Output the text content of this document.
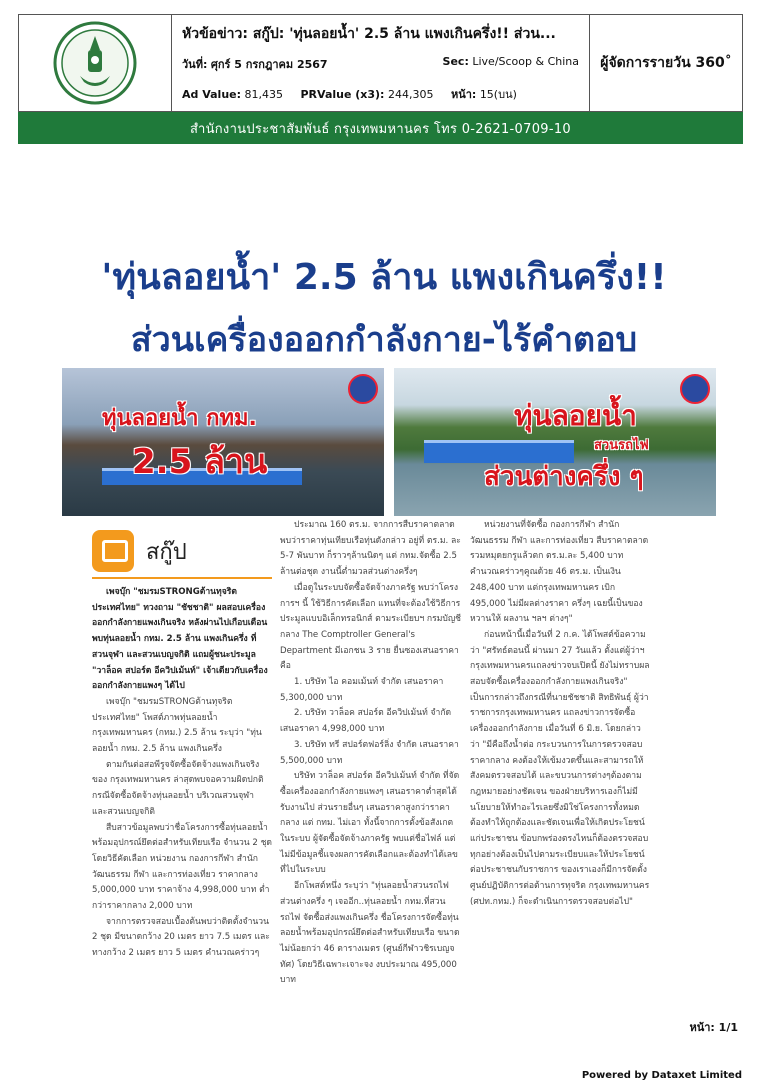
หัวข้อข่าว: สกู๊ป: 'ทุ่นลอยน้ำ' 2.5 ล้าน แพงเกินครึ่ง!! ส่วน...
วันที่: ศุกร์ 5 กรกฎาคม 2567	Sec: Live/Scoop & China
Ad Value: 81,435 PRValue (x3): 244,305 หน้า: 15(บน)
ผู้จัดการรายวัน 360˚
สำนักงานประชาสัมพันธ์ กรุงเทพมหานคร โทร 0-2621-0709-10
'ทุ่นลอยน้ำ' 2.5 ล้าน แพงเกินครึ่ง!!
ส่วนเครื่องออกกำลังกาย-ไร้คำตอบ
ทุ่นลอยน้ำ กทม.
2.5 ล้าน
ทุ่นลอยน้ำ
สวนรถไฟ
ส่วนต่างครึ่ง ๆ
สกู๊ป

เพจบุ๊ก "ชมรมSTRONGต้านทุจริตประเทศไทย" ทวงถาม "ชัชชาติ" ผลสอบเครื่องออกกำลังกายแพงเกินจริง หลังผ่านไปเกือบเดือน พบทุ่นลอยน้ำ กทม. 2.5 ล้าน แพงเกินครึ่ง ที่สวนจุฬา และสวนเบญจกิติ แถมผู้ชนะประมูล "วาล็อค สปอร์ต อีควิปเม้นท์" เจ้าเดียวกับเครื่องออกกำลังกายแพงๆ ได้ไป

เพจบุ๊ก "ชมรมSTRONGต้านทุจริตประเทศไทย" โพสต์ภาพทุ่นลอยน้ำกรุงเทพมหานคร (กทม.) 2.5 ล้าน ระบุว่า "ทุ่นลอยน้ำ กทม. 2.5 ล้าน แพงเกินครึ่ง

ตามกันต่อสอพีรูจจัดซื้อจัดจ้างแพงเกินจริง ของ กรุงเทพมหานคร ล่าสุดพบจอความผิดปกติกรณีจัดซื้อจัดจ้างทุ่นลอยน้ำ บริเวณสวนจุฬา และสวนเบญจกิติ

สืบสาวข้อมูลพบว่าชื่อโครงการซื้อทุ่นลอยน้ำพร้อมอุปกรณ์ยึดต่อสำหรับเทียบเรือ จำนวน 2 ชุด โดยวิธีคัดเลือก หน่วยงาน กองการกีฬา สำนักวัฒนธรรม กีฬา และการท่องเที่ยว ราคากลาง 5,000,000 บาท ราคาจ้าง 4,998,000 บาท ต่ำกว่าราคากลาง 2,000 บาท

จากการตรวจสอบเบื้องต้นพบว่าติดตั้งจำนวน 2 ชุด มีขนาดกว้าง 20 เมตร ยาว 7.5 เมตร และทางกว้าง 2 เมตร ยาว 5 เมตร คำนวณคร่าวๆ

ประมาณ 160 ตร.ม. จากการสืบราคาตลาดพบว่าราคาทุ่นเทียบเรือทุ่นดังกล่าว อยู่ที่ ตร.ม. ละ 5-7 พันบาท ก็ราวๆล้านนิดๆ แต่ กทม.จัดซื้อ 2.5 ล้านต่อชุด งานนี้ต่ำมวลส่วนต่างครึ่งๆ

เมื่อดูในระบบจัดซื้อจัดจ้างภาครัฐ พบว่าโครงการฯ นี้ ใช้วิธีการคัดเลือก แทนที่จะต้องใช้วิธีการประมูลแบบอิเล็กทรอนิกส์ ตามระเบียบฯ กรมบัญชีกลาง The Comptroller General's Department มีเอกชน 3 ราย ยื่นซองเสนอราคา คือ

1. บริษัท ไอ คอมเม้นท์ จำกัด เสนอราคา 5,300,000 บาท

2. บริษัท วาล็อค สปอร์ต อีควิปเม้นท์ จำกัด เสนอราคา 4,998,000 บาท

3. บริษัท ทรี สปอร์ตฟอร์ลิ่ง จำกัด เสนอราคา 5,500,000 บาท

บริษัท วาล็อค สปอร์ต อีควิปเม้นท์ จำกัด ที่จัดซื้อเครื่องออกกำลังกายแพงๆ เสนอราคาต่ำสุดได้รับงานไป ส่วนรายอื่นๆ เสนอราคาสูงกว่าราคากลาง แต่ กทม. ไม่เอา ทั้งนี้จากการตั้งข้อสังเกตในระบบ ผู้จัดซื้อจัดจ้างภาครัฐ พบแต่ชื่อไฟล์ แต่ไม่มีข้อมูลชี้แจงผลการคัดเลือกและต้องทำได้เลขที่ไปในระบบ

อีกโพสต์หนึ่ง ระบุว่า "ทุ่นลอยน้ำสวนรถไฟ ส่วนต่างครึ่ง ๆ เจออีก..ทุ่นลอยน้ำ กทม.ที่สวนรถไฟ จัดซื้อส่งแพงเกินครึ่ง ชื่อโครงการจัดซื้อทุ่นลอยน้ำพร้อมอุปกรณ์ยึดต่อสำหรับเทียบเรือ ขนาดไม่น้อยกว่า 46 ตารางเมตร (ศูนย์กีฬาวชิรเบญจทัศ) โดยวิธีเฉพาะเจาะจง งบประมาณ 495,000 บาท

หน่วยงานที่จัดซื้อ กองการกีฬา สำนักวัฒนธรรม กีฬา และการท่องเที่ยว สืบราคาตลาดรวมหมุดยกรูแล้วตก ตร.ม.ละ 5,400 บาท คำนวณคร่าวๆคูณด้วย 46 ตร.ม. เป็นเงิน 248,400 บาท แต่กรุงเทพมหานคร เบิก 495,000 ไม่มีผลต่างราคา ครึ่งๆ เฉยนี้เป็นของหวานให้ ผลงาน ฯลฯ ต่างๆ"

ก่อนหน้านี้เมื่อวันที่ 2 ก.ค. ได้โพสต์ข้อความว่า "ศรัทธ์ตอนนี้ ผ่านมา 27 วันแล้ว ตั้งแต่ผู้ว่าฯ กรุงเทพมหานครแถลงข่าวจบเปิดนี้ ยังไม่ทราบผลสอบจัดซื้อเครื่องออกกำลังกายแพงเกินจริง" เป็นการกล่าวถึงกรณีที่นายชัชชาติ สิทธิพันธุ์ ผู้ว่าราชการกรุงเทพมหานคร แถลงข่าวการจัดซื้อเครื่องออกกำลังกาย เมื่อวันที่ 6 มิ.ย. โดยกล่าวว่า "มีคือถึงน้ำต่อ กระบวนการในการตรวจสอบราคากลาง คงต้องให้เข้มงวดขึ้นและสามารถให้สังคมตรวจสอบได้ และขบวนการต่างๆต้องตามกฎหมายอย่างชัดเจน ของฝ่ายบริหารเองก็ไม่มีนโยบายให้ทำอะไรเลยซึ่งมิใช่โครงการทั้งหมด ต้องทำให้ถูกต้องและชัดเจนเพื่อให้เกิดประโยชน์แก่ประชาชน ข้อบกพร่องตรงไหนก็ต้องตรวจสอบ ทุกอย่างต้องเป็นไปตามระเบียบและให้ประโยชน์ต่อประชาชนกับราชการ ของเราเองก็มีการจัดตั้งศูนย์ปฏิบัติการต่อต้านการทุจริต กรุงเทพมหานคร (ศปท.กทม.) ก็จะดำเนินการตรวจสอบต่อไป"

หน้า: 1/1
Powered by Dataxet Limited
